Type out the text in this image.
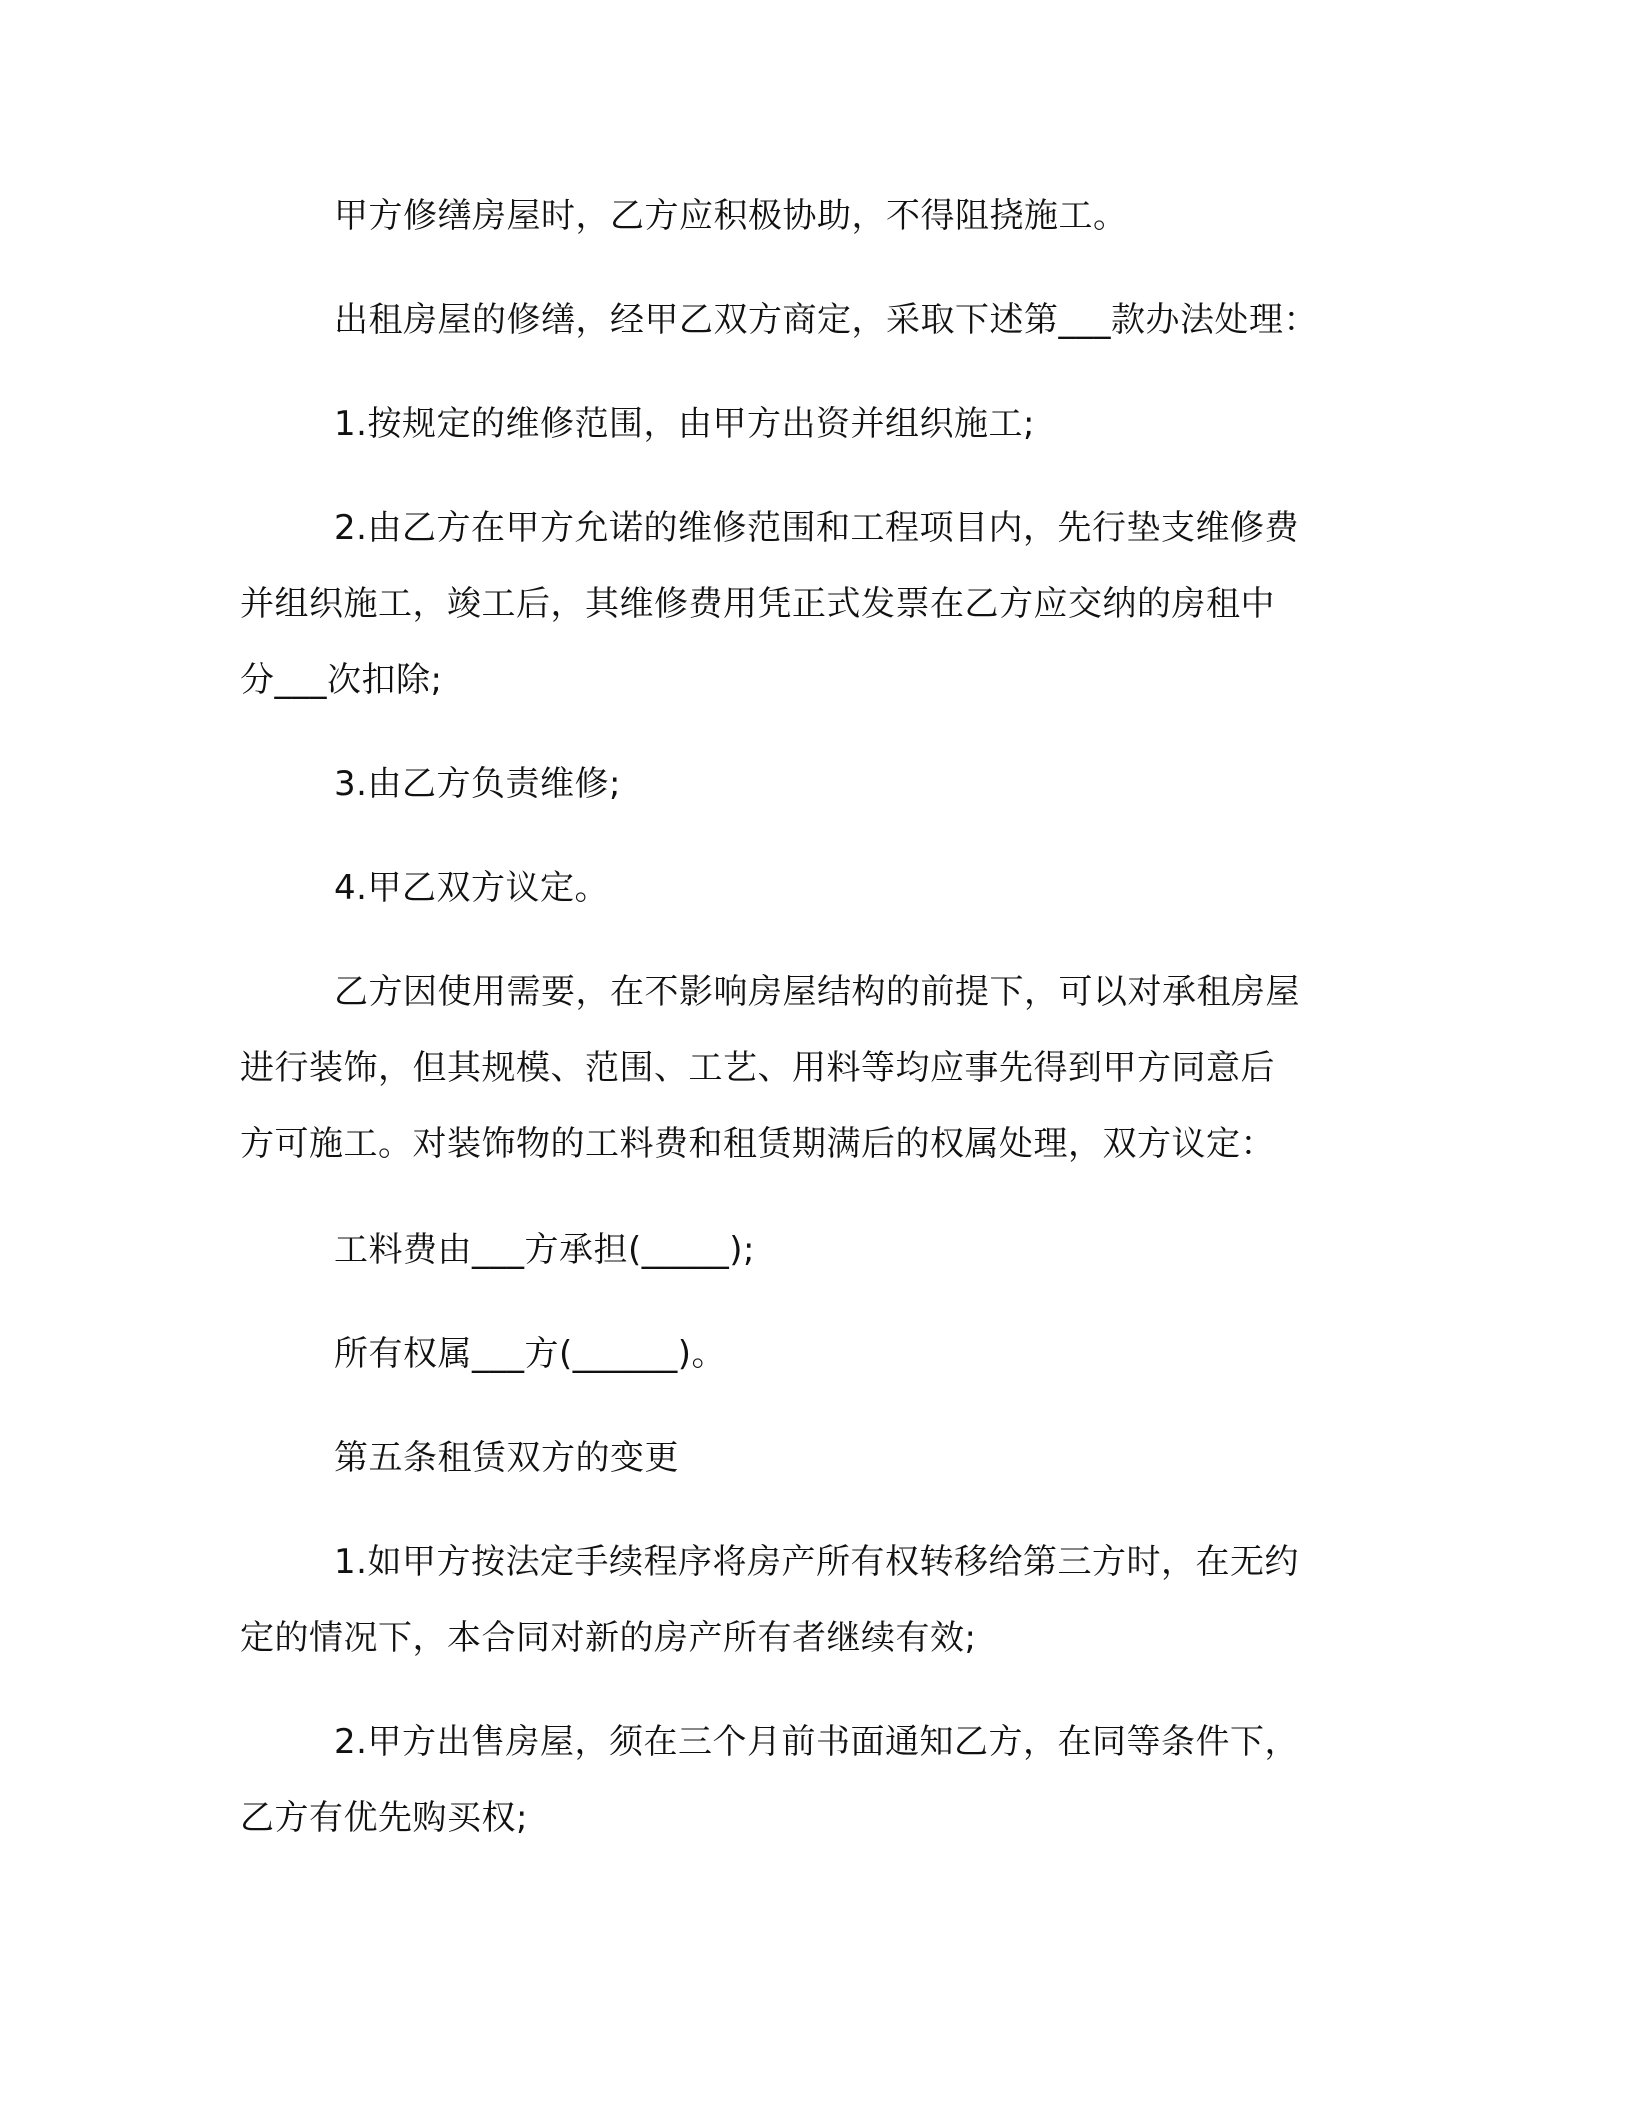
甲方修缮房屋时，乙方应积极协助，不得阻挠施工。

出租房屋的修缮，经甲乙双方商定，采取下述第___款办法处理：

1.按规定的维修范围，由甲方出资并组织施工;

2.由乙方在甲方允诺的维修范围和工程项目内，先行垫支维修费
并组织施工，竣工后，其维修费用凭正式发票在乙方应交纳的房租中
分___次扣除;

3.由乙方负责维修;

4.甲乙双方议定。

乙方因使用需要，在不影响房屋结构的前提下，可以对承租房屋
进行装饰，但其规模、范围、工艺、用料等均应事先得到甲方同意后
方可施工。对装饰物的工料费和租赁期满后的权属处理，双方议定：

工料费由___方承担(_____);

所有权属___方(______)。

第五条租赁双方的变更

1.如甲方按法定手续程序将房产所有权转移给第三方时，在无约
定的情况下，本合同对新的房产所有者继续有效;

2.甲方出售房屋，须在三个月前书面通知乙方，在同等条件下，
乙方有优先购买权;
